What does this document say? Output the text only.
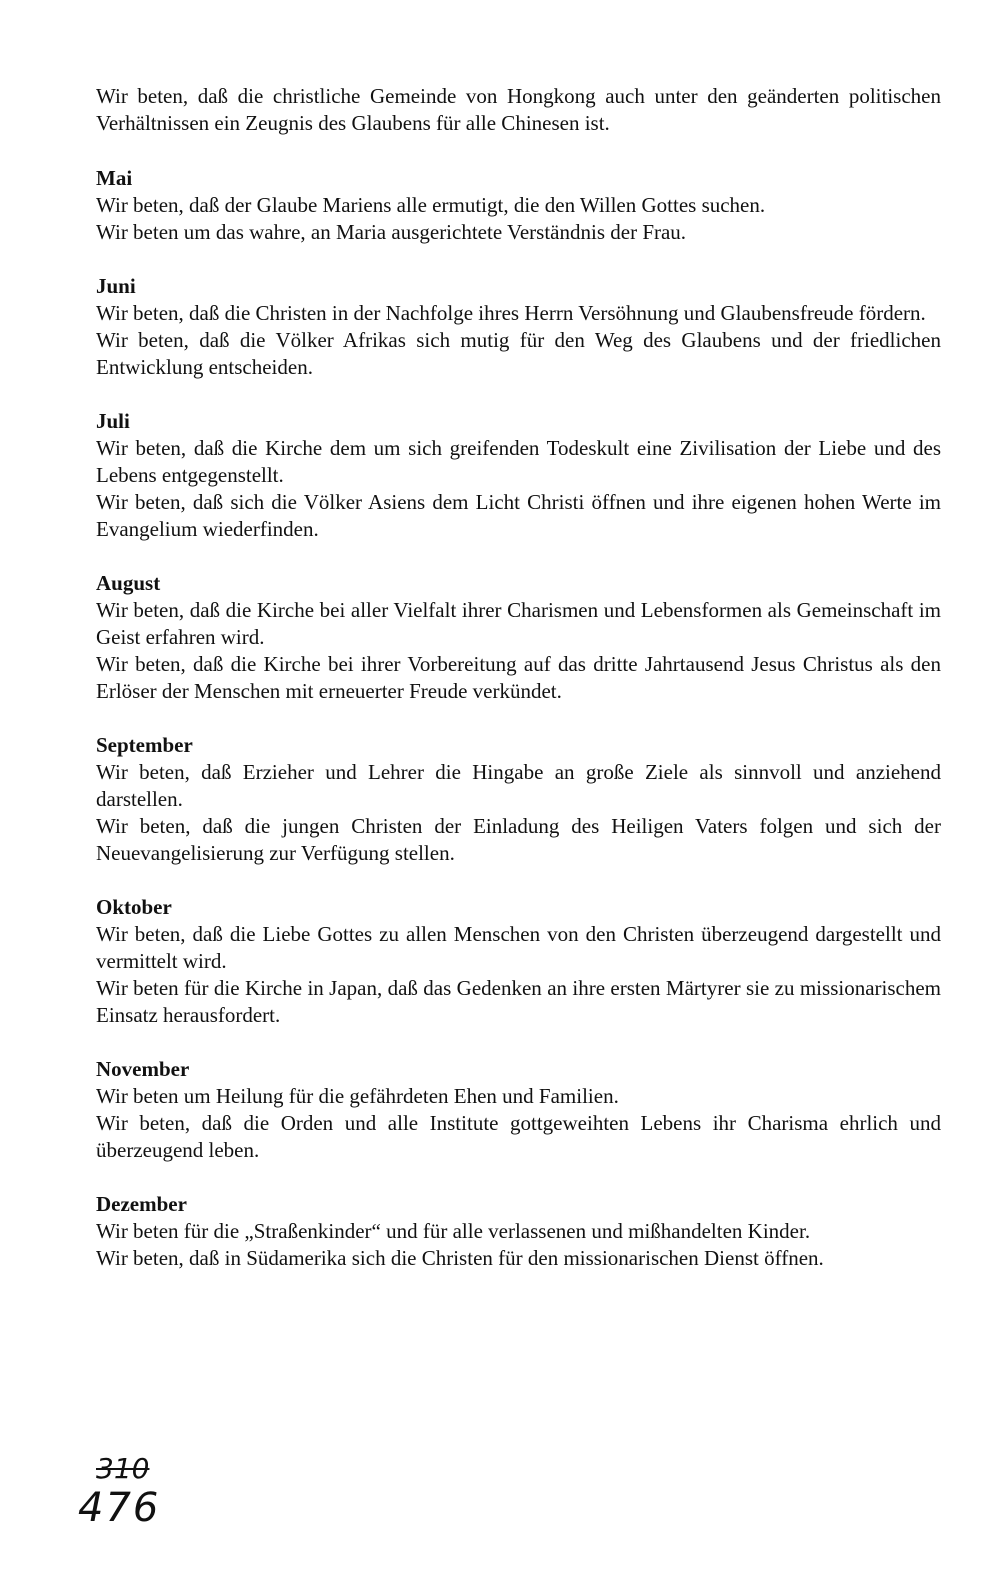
Wir beten, daß die christliche Gemeinde von Hongkong auch unter den geänderten politischen Verhältnissen ein Zeugnis des Glaubens für alle Chinesen ist.

Mai

Wir beten, daß der Glaube Mariens alle ermutigt, die den Willen Gottes suchen.

Wir beten um das wahre, an Maria ausgerichtete Verständnis der Frau.

Juni

Wir beten, daß die Christen in der Nachfolge ihres Herrn Versöhnung und Glaubensfreude fördern.

Wir beten, daß die Völker Afrikas sich mutig für den Weg des Glaubens und der friedlichen Entwicklung entscheiden.

Juli

Wir beten, daß die Kirche dem um sich greifenden Todeskult eine Zivilisation der Liebe und des Lebens entgegenstellt.

Wir beten, daß sich die Völker Asiens dem Licht Christi öffnen und ihre eigenen hohen Werte im Evangelium wiederfinden.

August

Wir beten, daß die Kirche bei aller Vielfalt ihrer Charismen und Lebensformen als Gemeinschaft im Geist erfahren wird.

Wir beten, daß die Kirche bei ihrer Vorbereitung auf das dritte Jahrtausend Jesus Christus als den Erlöser der Menschen mit erneuerter Freude verkündet.

September

Wir beten, daß Erzieher und Lehrer die Hingabe an große Ziele als sinnvoll und anziehend darstellen.

Wir beten, daß die jungen Christen der Einladung des Heiligen Vaters folgen und sich der Neuevangelisierung zur Verfügung stellen.

Oktober

Wir beten, daß die Liebe Gottes zu allen Menschen von den Christen überzeugend dargestellt und vermittelt wird.

Wir beten für die Kirche in Japan, daß das Gedenken an ihre ersten Märtyrer sie zu missionarischem Einsatz herausfordert.

November

Wir beten um Heilung für die gefährdeten Ehen und Familien.

Wir beten, daß die Orden und alle Institute gottgeweihten Lebens ihr Charisma ehrlich und überzeugend leben.

Dezember

Wir beten für die „Straßenkinder“ und für alle verlassenen und mißhandelten Kinder.

Wir beten, daß in Südamerika sich die Christen für den missionarischen Dienst öffnen.

310
476
